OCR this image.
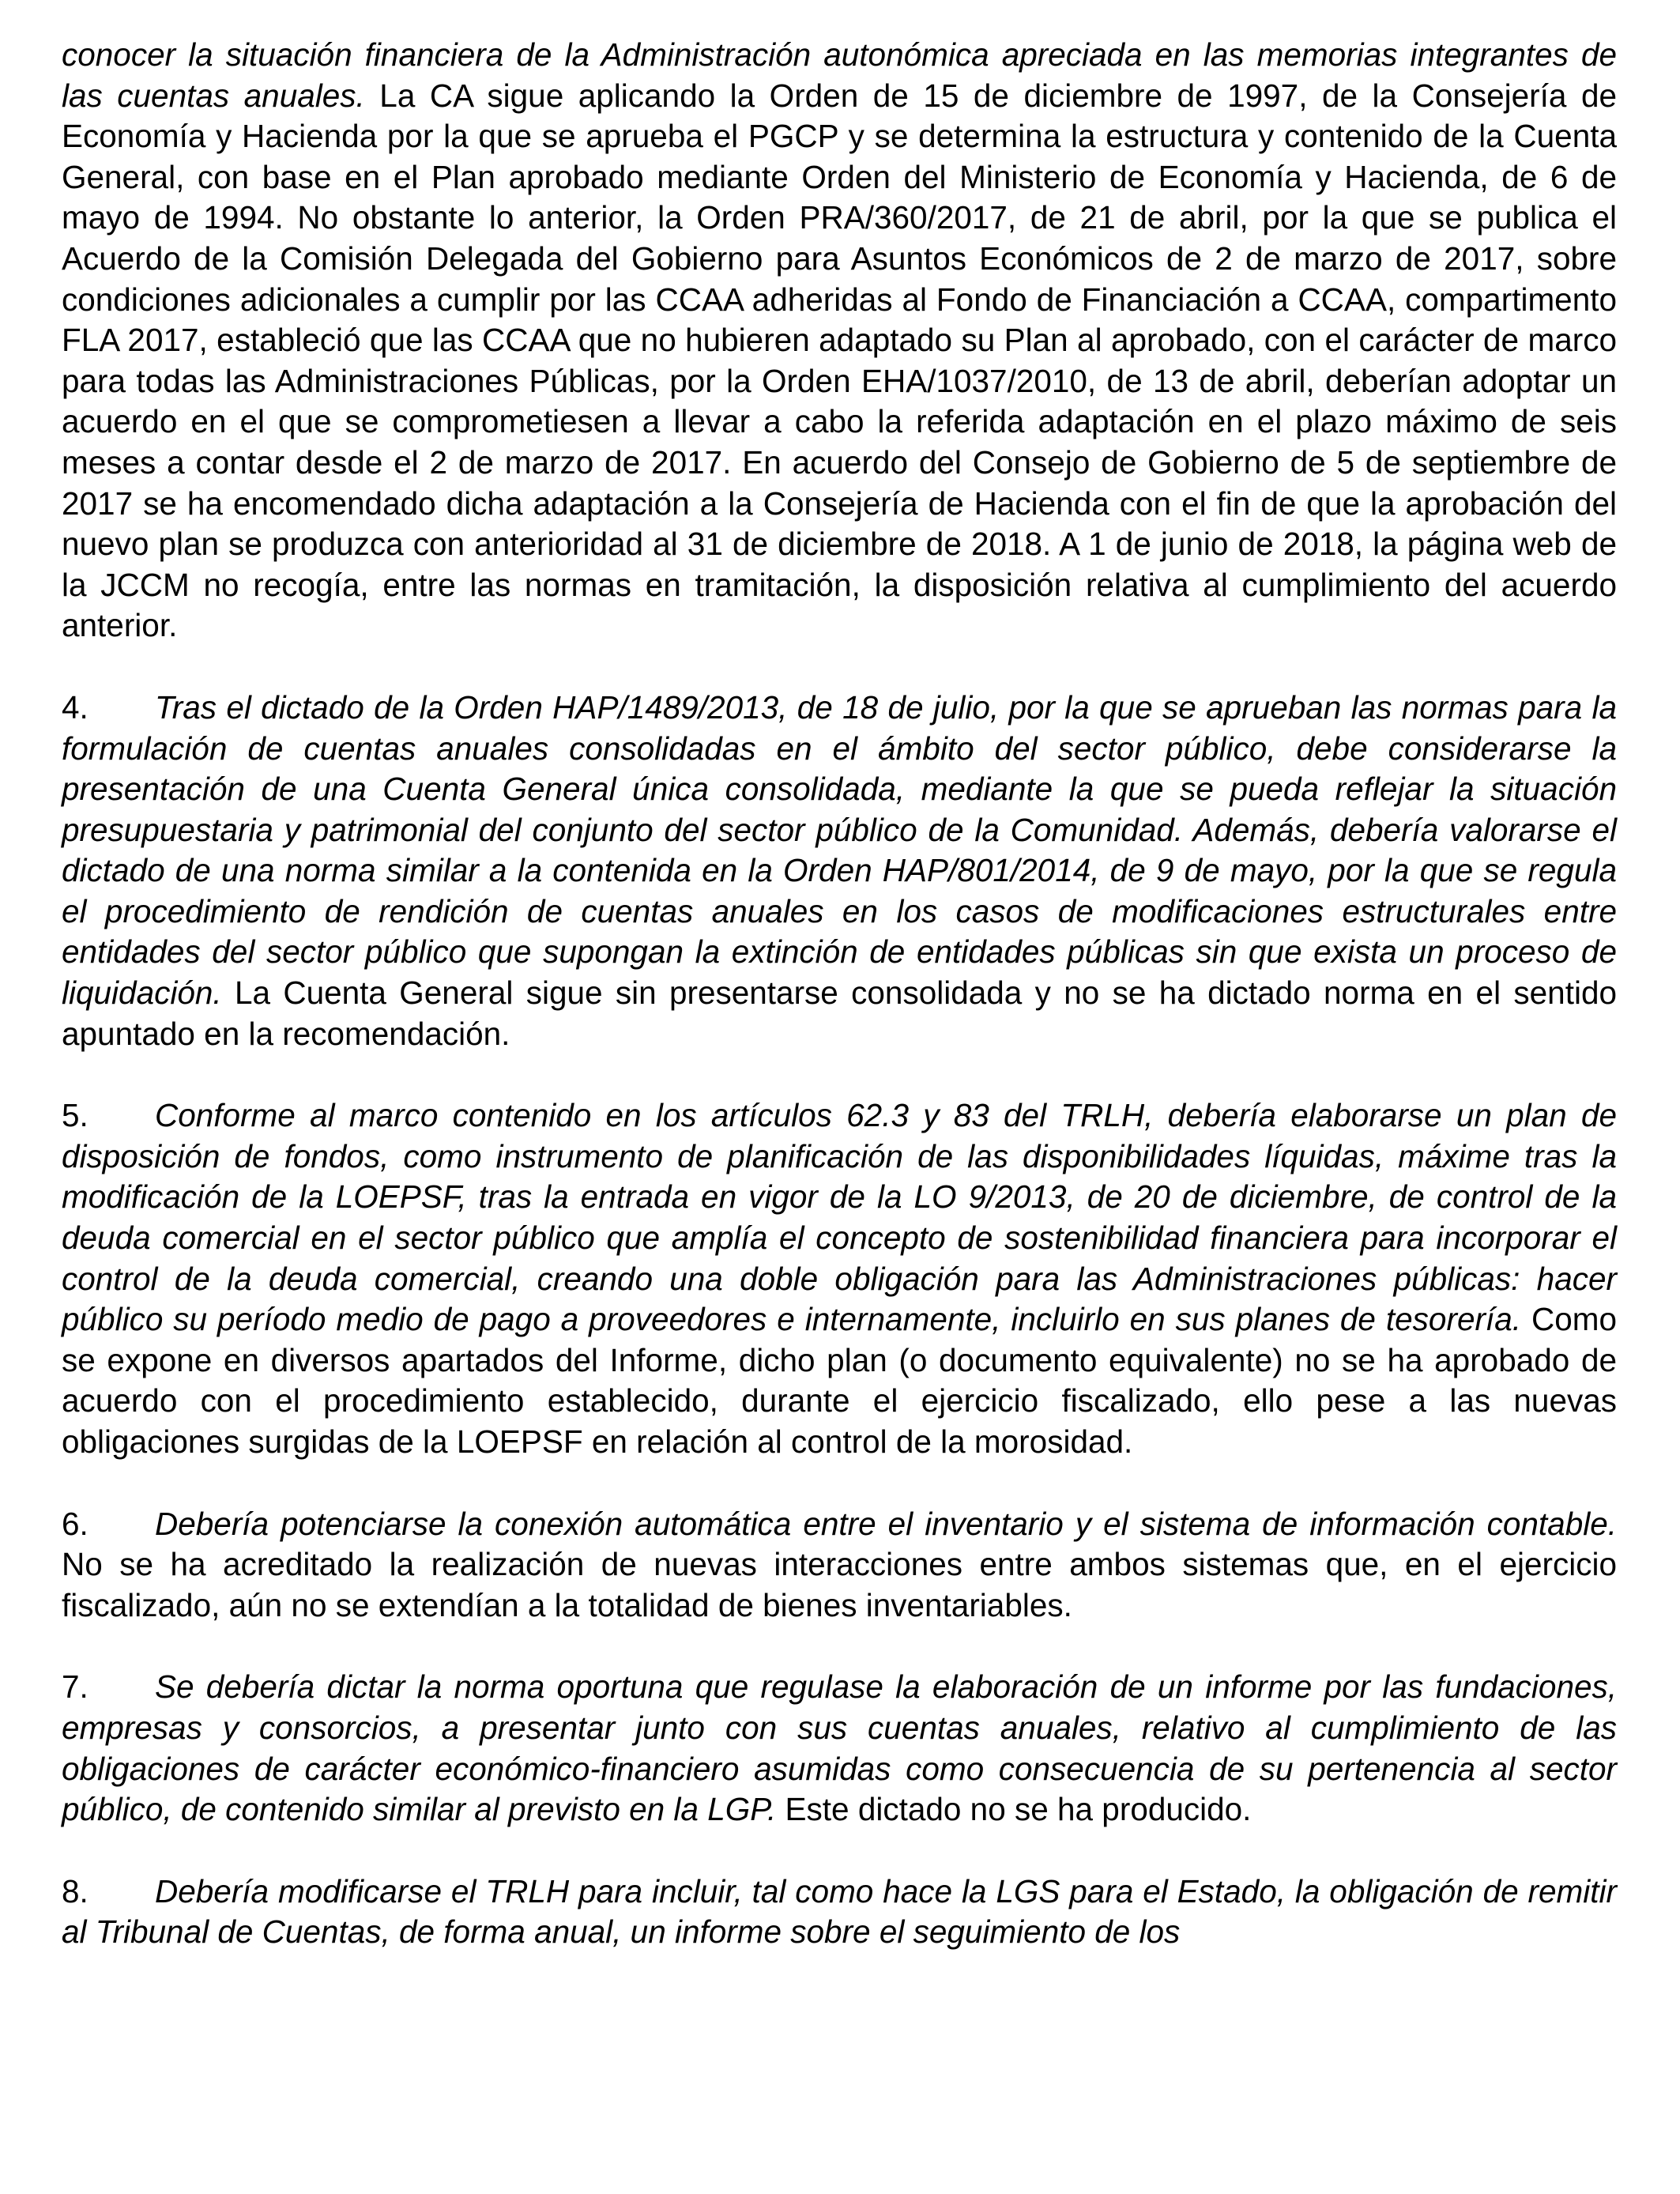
conocer la situación financiera de la Administración autonómica apreciada en las memorias integrantes de las cuentas anuales. La CA sigue aplicando la Orden de 15 de diciembre de 1997, de la Consejería de Economía y Hacienda por la que se aprueba el PGCP y se determina la estructura y contenido de la Cuenta General, con base en el Plan aprobado mediante Orden del Ministerio de Economía y Hacienda, de 6 de mayo de 1994. No obstante lo anterior, la Orden PRA/360/2017, de 21 de abril, por la que se publica el Acuerdo de la Comisión Delegada del Gobierno para Asuntos Económicos de 2 de marzo de 2017, sobre condiciones adicionales a cumplir por las CCAA adheridas al Fondo de Financiación a CCAA, compartimento FLA 2017, estableció que las CCAA que no hubieren adaptado su Plan al aprobado, con el carácter de marco para todas las Administraciones Públicas, por la Orden EHA/1037/2010, de 13 de abril, deberían adoptar un acuerdo en el que se comprometiesen a llevar a cabo la referida adaptación en el plazo máximo de seis meses a contar desde el 2 de marzo de 2017. En acuerdo del Consejo de Gobierno de 5 de septiembre de 2017 se ha encomendado dicha adaptación a la Consejería de Hacienda con el fin de que la aprobación del nuevo plan se produzca con anterioridad al 31 de diciembre de 2018. A 1 de junio de 2018, la página web de la JCCM no recogía, entre las normas en tramitación, la disposición relativa al cumplimiento del acuerdo anterior.

4. Tras el dictado de la Orden HAP/1489/2013, de 18 de julio, por la que se aprueban las normas para la formulación de cuentas anuales consolidadas en el ámbito del sector público, debe considerarse la presentación de una Cuenta General única consolidada, mediante la que se pueda reflejar la situación presupuestaria y patrimonial del conjunto del sector público de la Comunidad. Además, debería valorarse el dictado de una norma similar a la contenida en la Orden HAP/801/2014, de 9 de mayo, por la que se regula el procedimiento de rendición de cuentas anuales en los casos de modificaciones estructurales entre entidades del sector público que supongan la extinción de entidades públicas sin que exista un proceso de liquidación. La Cuenta General sigue sin presentarse consolidada y no se ha dictado norma en el sentido apuntado en la recomendación.

5. Conforme al marco contenido en los artículos 62.3 y 83 del TRLH, debería elaborarse un plan de disposición de fondos, como instrumento de planificación de las disponibilidades líquidas, máxime tras la modificación de la LOEPSF, tras la entrada en vigor de la LO 9/2013, de 20 de diciembre, de control de la deuda comercial en el sector público que amplía el concepto de sostenibilidad financiera para incorporar el control de la deuda comercial, creando una doble obligación para las Administraciones públicas: hacer público su período medio de pago a proveedores e internamente, incluirlo en sus planes de tesorería. Como se expone en diversos apartados del Informe, dicho plan (o documento equivalente) no se ha aprobado de acuerdo con el procedimiento establecido, durante el ejercicio fiscalizado, ello pese a las nuevas obligaciones surgidas de la LOEPSF en relación al control de la morosidad.

6. Debería potenciarse la conexión automática entre el inventario y el sistema de información contable. No se ha acreditado la realización de nuevas interacciones entre ambos sistemas que, en el ejercicio fiscalizado, aún no se extendían a la totalidad de bienes inventariables.

7. Se debería dictar la norma oportuna que regulase la elaboración de un informe por las fundaciones, empresas y consorcios, a presentar junto con sus cuentas anuales, relativo al cumplimiento de las obligaciones de carácter económico-financiero asumidas como consecuencia de su pertenencia al sector público, de contenido similar al previsto en la LGP. Este dictado no se ha producido.

8. Debería modificarse el TRLH para incluir, tal como hace la LGS para el Estado, la obligación de remitir al Tribunal de Cuentas, de forma anual, un informe sobre el seguimiento de los
